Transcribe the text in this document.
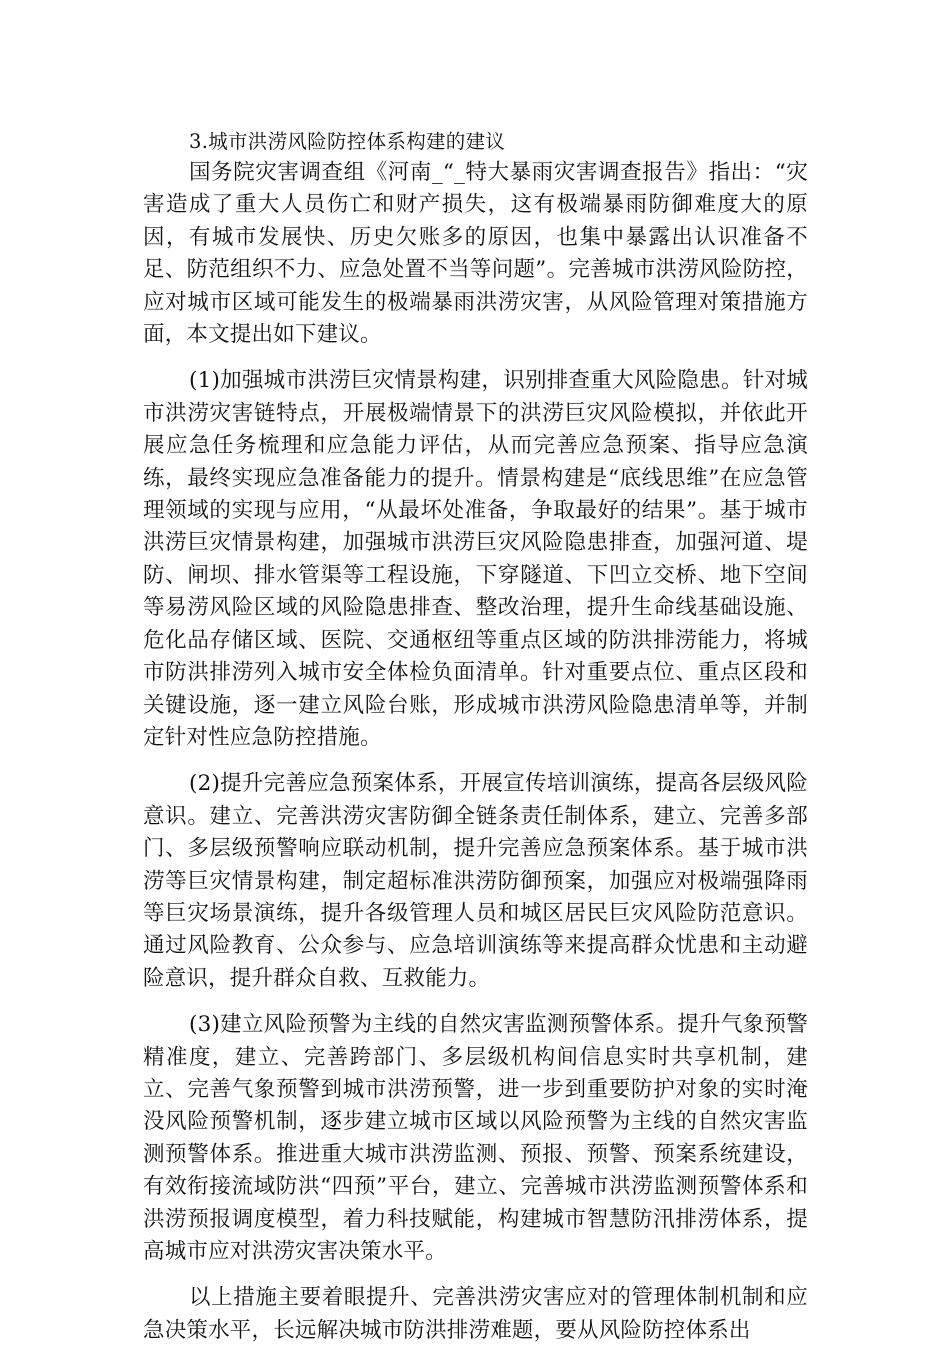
3.城市洪涝风险防控体系构建的建议

国务院灾害调查组《河南_“_特大暴雨灾害调查报告》指出：“灾害造成了重大人员伤亡和财产损失，这有极端暴雨防御难度大的原因，有城市发展快、历史欠账多的原因，也集中暴露出认识准备不足、防范组织不力、应急处置不当等问题”。完善城市洪涝风险防控，应对城市区域可能发生的极端暴雨洪涝灾害，从风险管理对策措施方面，本文提出如下建议。

(1)加强城市洪涝巨灾情景构建，识别排查重大风险隐患。针对城市洪涝灾害链特点，开展极端情景下的洪涝巨灾风险模拟，并依此开展应急任务梳理和应急能力评估，从而完善应急预案、指导应急演练，最终实现应急准备能力的提升。情景构建是“底线思维”在应急管理领域的实现与应用，“从最坏处准备，争取最好的结果”。基于城市洪涝巨灾情景构建，加强城市洪涝巨灾风险隐患排查，加强河道、堤防、闸坝、排水管渠等工程设施，下穿隧道、下凹立交桥、地下空间等易涝风险区域的风险隐患排查、整改治理，提升生命线基础设施、危化品存储区域、医院、交通枢纽等重点区域的防洪排涝能力，将城市防洪排涝列入城市安全体检负面清单。针对重要点位、重点区段和关键设施，逐一建立风险台账，形成城市洪涝风险隐患清单等，并制定针对性应急防控措施。

(2)提升完善应急预案体系，开展宣传培训演练，提高各层级风险意识。建立、完善洪涝灾害防御全链条责任制体系，建立、完善多部门、多层级预警响应联动机制，提升完善应急预案体系。基于城市洪涝等巨灾情景构建，制定超标准洪涝防御预案，加强应对极端强降雨等巨灾场景演练，提升各级管理人员和城区居民巨灾风险防范意识。通过风险教育、公众参与、应急培训演练等来提高群众忧患和主动避险意识，提升群众自救、互救能力。

(3)建立风险预警为主线的自然灾害监测预警体系。提升气象预警精准度，建立、完善跨部门、多层级机构间信息实时共享机制，建立、完善气象预警到城市洪涝预警，进一步到重要防护对象的实时淹没风险预警机制，逐步建立城市区域以风险预警为主线的自然灾害监测预警体系。推进重大城市洪涝监测、预报、预警、预案系统建设，有效衔接流域防洪“四预”平台，建立、完善城市洪涝监测预警体系和洪涝预报调度模型，着力科技赋能，构建城市智慧防汛排涝体系，提高城市应对洪涝灾害决策水平。

以上措施主要着眼提升、完善洪涝灾害应对的管理体制机制和应急决策水平，长远解决城市防洪排涝难题，要从风险防控体系出
